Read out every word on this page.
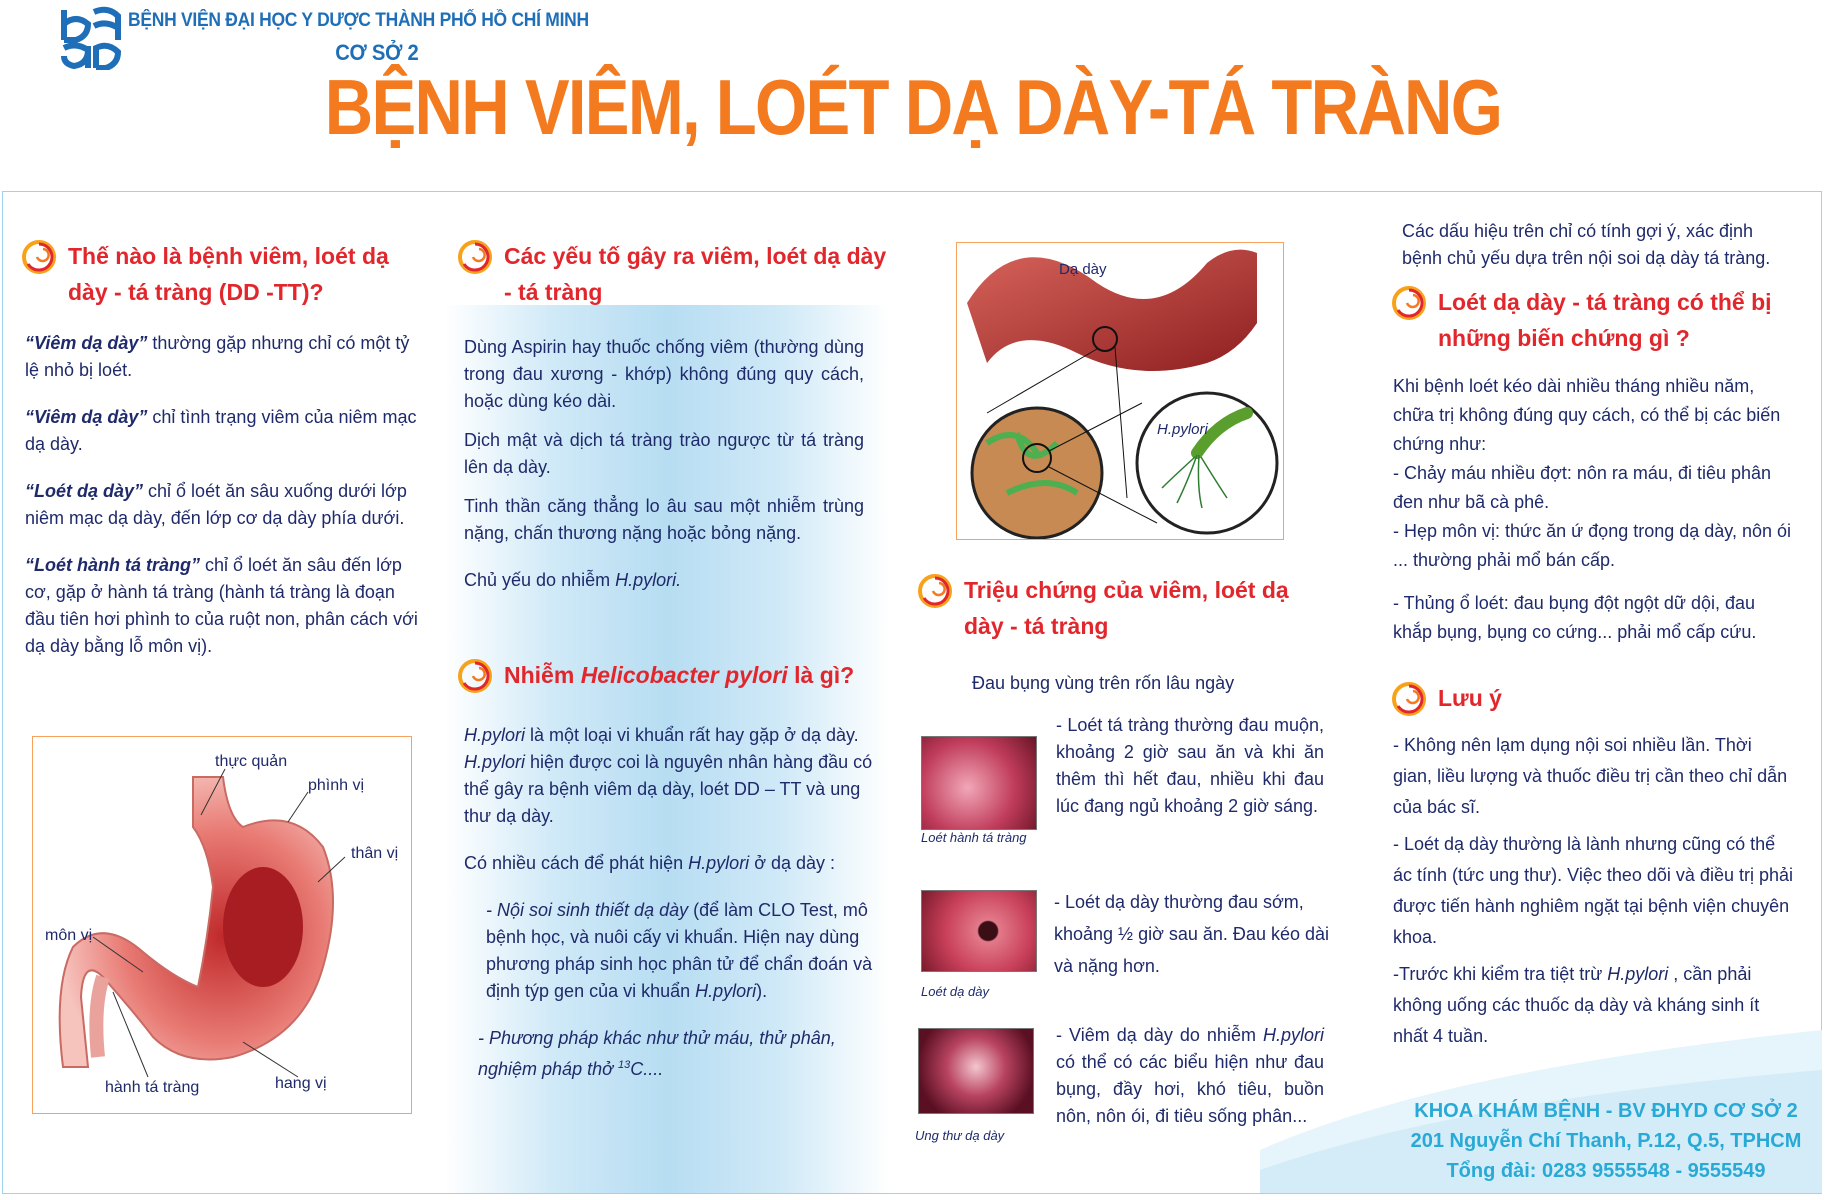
BỆNH VIỆN ĐẠI HỌC Y DƯỢC THÀNH PHỐ HỒ CHÍ MINH
CƠ SỞ 2
BỆNH VIÊM, LOÉT DẠ DÀY-TÁ TRÀNG
Thế nào là bệnh viêm, loét dạ dày - tá tràng (DD -TT)?

“Viêm dạ dày” thường gặp nhưng chỉ có một tỷ lệ nhỏ bị loét.

“Viêm dạ dày” chỉ tình trạng viêm của niêm mạc dạ dày.

“Loét dạ dày” chỉ ổ loét ăn sâu xuống dưới lớp niêm mạc dạ dày, đến lớp cơ dạ dày phía dưới.

“Loét hành tá tràng” chỉ ổ loét ăn sâu đến lớp cơ, gặp ở hành tá tràng (hành tá tràng là đoạn đầu tiên hơi phình to của ruột non, phân cách với dạ dày bằng lỗ môn vị).

thực quản
phình vị
thân vị
môn vị
hành tá tràng	hang vị
Các yếu tố gây ra viêm, loét dạ dày - tá tràng

Dùng Aspirin hay thuốc chống viêm (thường dùng trong đau xương - khớp) không đúng quy cách, hoặc dùng kéo dài.

Dịch mật và dịch tá tràng trào ngược từ tá tràng lên dạ dày.

Tinh thần căng thẳng lo âu sau một nhiễm trùng nặng, chấn thương nặng hoặc bỏng nặng.

Chủ yếu do nhiễm H.pylori.

Nhiễm Helicobacter pylori là gì?

H.pylori là một loại vi khuẩn rất hay gặp ở dạ dày. H.pylori hiện được coi là nguyên nhân hàng đầu có thể gây ra bệnh viêm dạ dày, loét DD – TT và ung thư dạ dày.

Có nhiều cách để phát hiện H.pylori ở dạ dày :

- Nội soi sinh thiết dạ dày (để làm CLO Test, mô bệnh học, và nuôi cấy vi khuẩn. Hiện nay dùng phương pháp sinh học phân tử để chẩn đoán và định týp gen của vi khuẩn H.pylori).

- Phương pháp khác như thử máu, thử phân, nghiệm pháp thở $^{13}$C....

Dạ dày
H.pylori
Triệu chứng của viêm, loét dạ dày - tá tràng
Đau bụng vùng trên rốn lâu ngày
Loét hành tá tràng
- Loét tá tràng thường đau muộn, khoảng 2 giờ sau ăn và khi ăn thêm thì hết đau, nhiều khi đau lúc đang ngủ khoảng 2 giờ sáng.
Loét dạ dày
- Loét dạ dày thường đau sớm, khoảng ½ giờ sau ăn. Đau kéo dài và nặng hơn.
Ung thư dạ dày
- Viêm dạ dày do nhiễm H.pylori có thể có các biểu hiện như đau bụng, đầy hơi, khó tiêu, buồn nôn, nôn ói, đi tiêu sống phân...
Các dấu hiệu trên chỉ có tính gợi ý, xác định bệnh chủ yếu dựa trên nội soi dạ dày tá tràng.
Loét dạ dày - tá tràng có thể bị những biến chứng gì ?

Khi bệnh loét kéo dài nhiều tháng nhiều năm, chữa trị không đúng quy cách, có thể bị các biến chứng như:

- Chảy máu nhiều đợt: nôn ra máu, đi tiêu phân đen như bã cà phê.

- Hẹp môn vị: thức ăn ứ đọng trong dạ dày, nôn ói ... thường phải mổ bán cấp.

- Thủng ổ loét: đau bụng đột ngột dữ dội, đau khắp bụng, bụng co cứng... phải mổ cấp cứu.

Lưu ý

- Không nên lạm dụng nội soi nhiều lần. Thời gian, liều lượng và thuốc điều trị cần theo chỉ dẫn của bác sĩ.

- Loét dạ dày thường là lành nhưng cũng có thể ác tính (tức ung thư). Việc theo dõi và điều trị phải được tiến hành nghiêm ngặt tại bệnh viện chuyên khoa.

-Trước khi kiểm tra tiệt trừ H.pylori , cần phải không uống các thuốc dạ dày và kháng sinh ít nhất 4 tuần.

KHOA KHÁM BỆNH - BV ĐHYD CƠ SỞ 2
201 Nguyễn Chí Thanh, P.12, Q.5, TPHCM
Tổng đài: 0283 9555548 - 9555549
